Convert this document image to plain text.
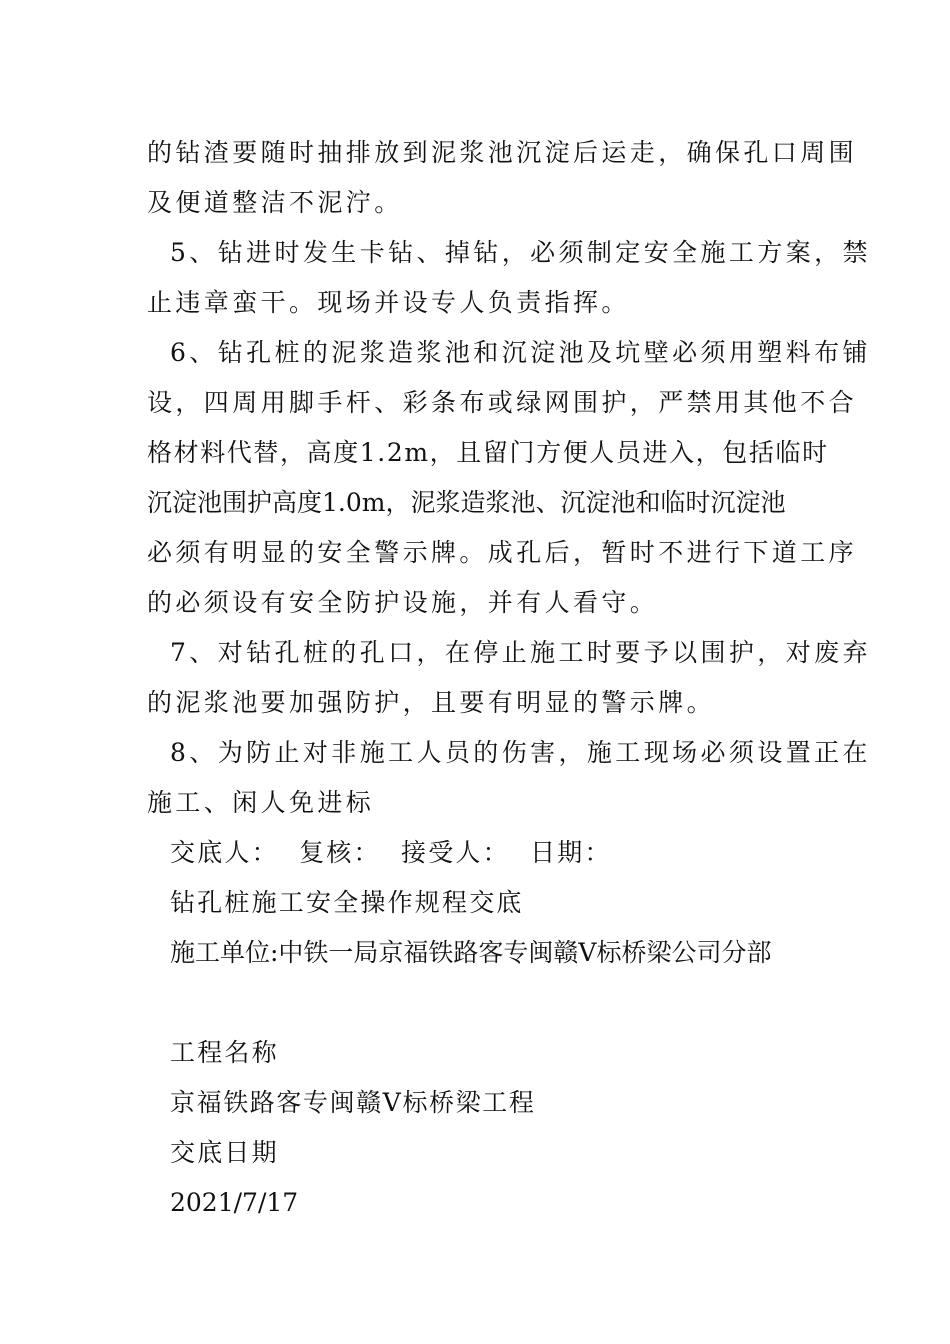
的钻渣要随时抽排放到泥浆池沉淀后运走，确保孔口周围
及便道整洁不泥泞。
5、钻进时发生卡钻、掉钻，必须制定安全施工方案，禁
止违章蛮干。现场并设专人负责指挥。
6、钻孔桩的泥浆造浆池和沉淀池及坑壁必须用塑料布铺
设，四周用脚手杆、彩条布或绿网围护，严禁用其他不合
格材料代替，高度1.2m，且留门方便人员进入，包括临时
沉淀池围护高度1.0m，泥浆造浆池、沉淀池和临时沉淀池
必须有明显的安全警示牌。成孔后，暂时不进行下道工序
的必须设有安全防护设施，并有人看守。
7、对钻孔桩的孔口，在停止施工时要予以围护，对废弃
的泥浆池要加强防护，且要有明显的警示牌。
8、为防止对非施工人员的伤害，施工现场必须设置正在
施工、闲人免进标
交底人：  复核：  接受人：  日期：
钻孔桩施工安全操作规程交底
施工单位:中铁一局京福铁路客专闽赣Ⅴ标桥梁公司分部
工程名称
京福铁路客专闽赣Ⅴ标桥梁工程
交底日期
2021/7/17
